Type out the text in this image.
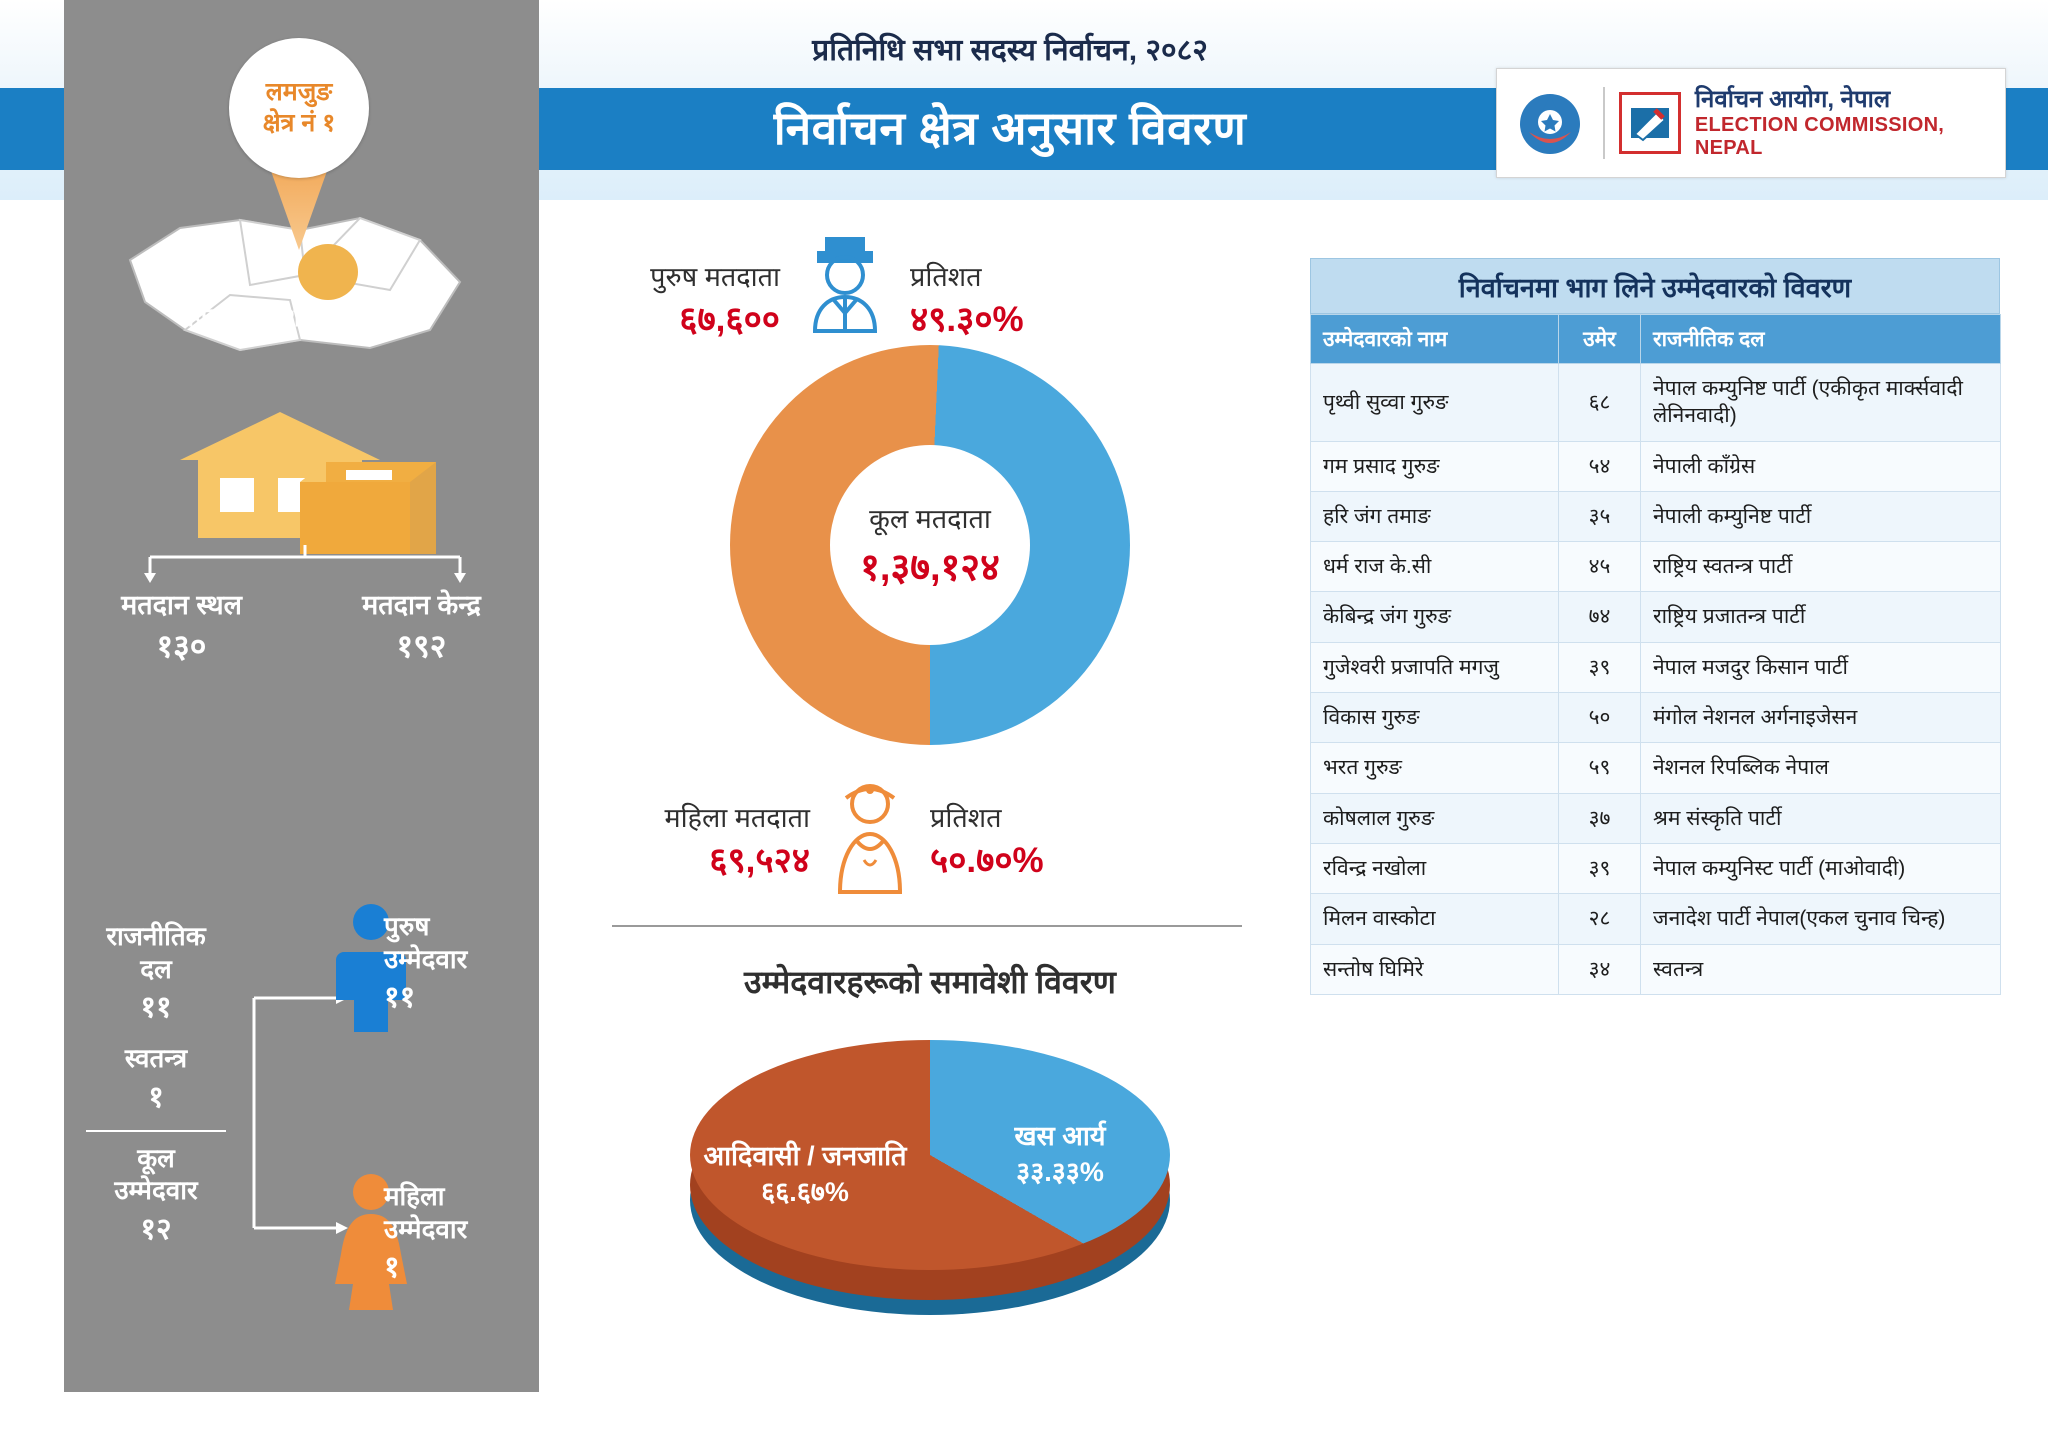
प्रतिनिधि सभा सदस्य निर्वाचन, २०८२
निर्वाचन क्षेत्र अनुसार विवरण
निर्वाचन आयोग, नेपाल
ELECTION COMMISSION, NEPAL
लमजुङ
क्षेत्र नं १
गण्डकी प्रदेश
मतदान स्थल
१३०
मतदान केन्द्र
१९२
राजनीतिक
दल
११
स्वतन्त्र
१
कूल
उम्मेदवार
१२
पुरुष
उम्मेदवार
११
महिला
उम्मेदवार
१
पुरुष मतदाता
६७,६००
प्रतिशत
४९.३०%
कूल मतदाता
१,३७,१२४
महिला मतदाता
६९,५२४
प्रतिशत
५०.७०%
उम्मेदवारहरूको समावेशी विवरण
आदिवासी / जनजाति
६६.६७%
खस आर्य
३३.३३%
निर्वाचनमा भाग लिने उम्मेदवारको विवरण
उम्मेदवारको नाम	उमेर	राजनीतिक दल
पृथ्वी सुव्वा गुरुङ	६८	नेपाल कम्युनिष्ट पार्टी (एकीकृत मार्क्सवादी लेनिनवादी)
गम प्रसाद गुरुङ	५४	नेपाली काँग्रेस
हरि जंग तमाङ	३५	नेपाली कम्युनिष्ट पार्टी
धर्म राज के.सी	४५	राष्ट्रिय स्वतन्त्र पार्टी
केबिन्द्र जंग गुरुङ	७४	राष्ट्रिय प्रजातन्त्र पार्टी
गुजेश्वरी प्रजापति मगजु	३९	नेपाल मजदुर किसान पार्टी
विकास गुरुङ	५०	मंगोल नेशनल अर्गनाइजेसन
भरत गुरुङ	५९	नेशनल रिपब्लिक नेपाल
कोषलाल गुरुङ	३७	श्रम संस्कृति पार्टी
रविन्द्र नखोला	३९	नेपाल कम्युनिस्ट पार्टी (माओवादी)
मिलन वास्कोटा	२८	जनादेश पार्टी नेपाल(एकल चुनाव चिन्ह)
सन्तोष घिमिरे	३४	स्वतन्त्र
